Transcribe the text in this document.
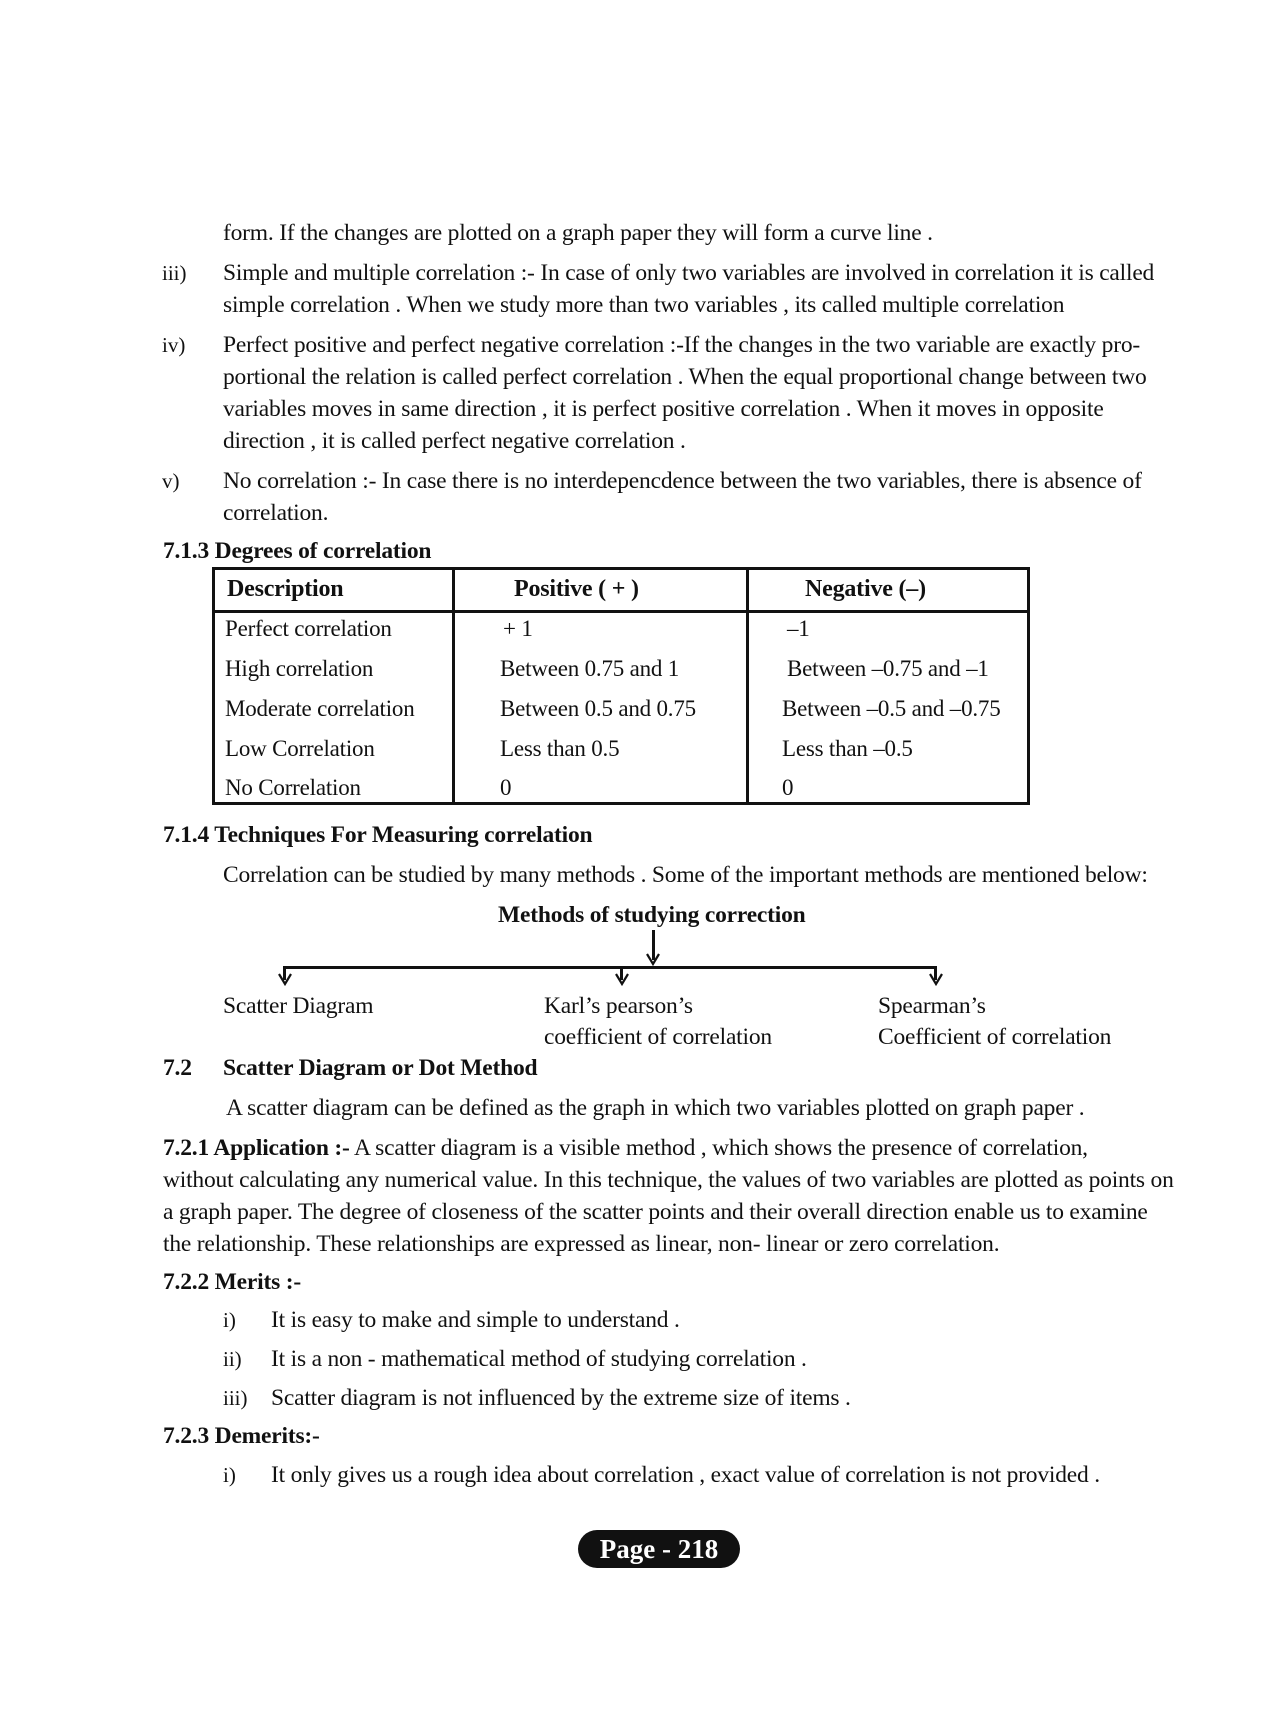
form. If the changes are plotted on a graph paper they will form a curve line .
iii) Simple and multiple correlation :- In case of only two variables are involved in correlation it is called
simple correlation . When we study more than two variables , its called multiple correlation
iv) Perfect positive and perfect negative correlation :-If the changes in the two variable are exactly pro-
portional the relation is called perfect correlation . When the equal proportional change between two
variables moves in same direction , it is perfect positive correlation . When it moves in opposite
direction , it is called perfect negative correlation .
v) No correlation :- In case there is no interdepencdence between the two variables, there is absence of
correlation.
7.1.3 Degrees of correlation
Description	Positive ( + )	Negative (–)
Perfect correlation	+ 1	–1
High correlation	Between 0.75 and 1	Between –0.75 and –1
Moderate correlation	Between 0.5 and 0.75	Between –0.5 and –0.75
Low Correlation	Less than 0.5	Less than –0.5
No Correlation	0	0
7.1.4 Techniques For Measuring correlation
Correlation can be studied by many methods . Some of the important methods are mentioned below:
Methods of studying correction
Scatter Diagram	Karl’s pearson’s
coefficient of correlation
Spearman’s
Coefficient of correlation
7.2 Scatter Diagram or Dot Method
A scatter diagram can be defined as the graph in which two variables plotted on graph paper .
7.2.1 Application :- A scatter diagram is a visible method , which shows the presence of correlation,
without calculating any numerical value. In this technique, the values of two variables are plotted as points on
a graph paper. The degree of closeness of the scatter points and their overall direction enable us to examine
the relationship. These relationships are expressed as linear, non- linear or zero correlation.
7.2.2 Merits :-
i) It is easy to make and simple to understand .
ii) It is a non - mathematical method of studying correlation .
iii) Scatter diagram is not influenced by the extreme size of items .
7.2.3 Demerits:-
i) It only gives us a rough idea about correlation , exact value of correlation is not provided .
Page - 218
